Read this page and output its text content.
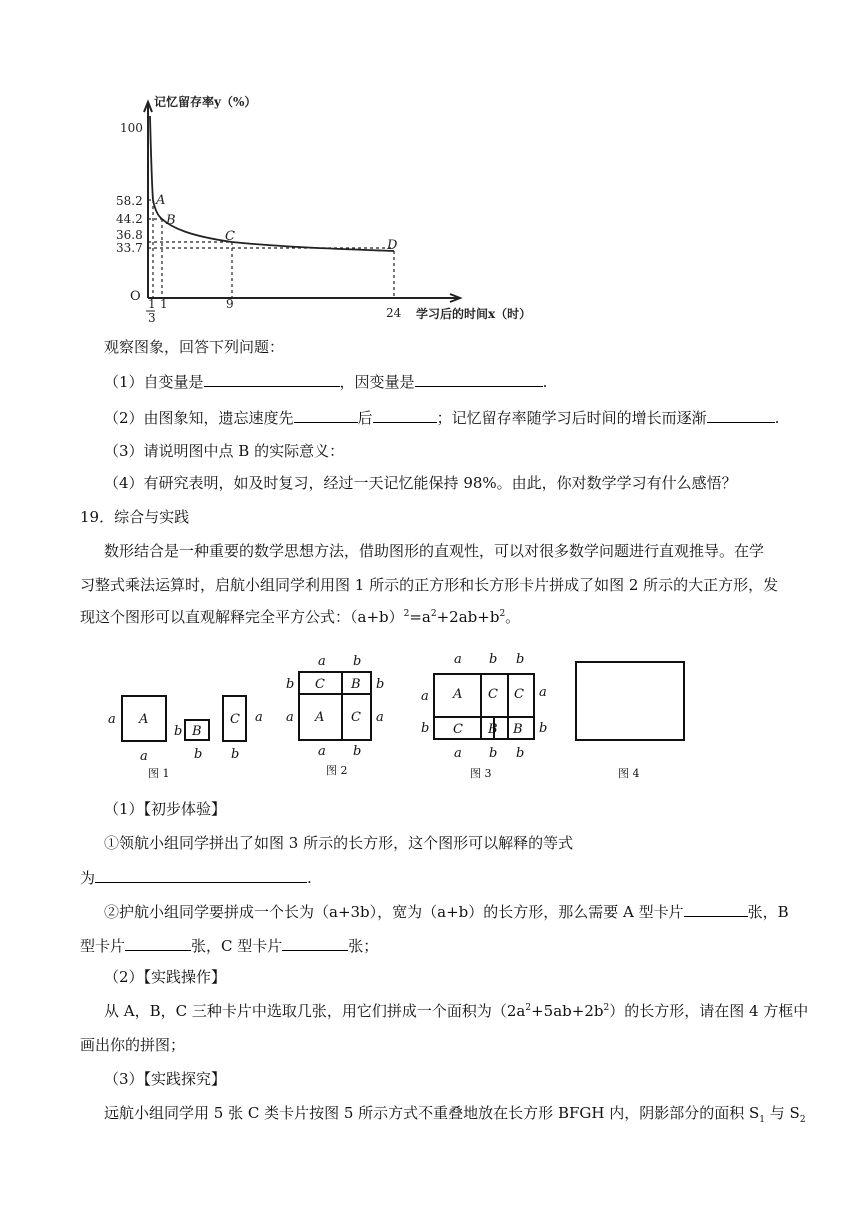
记忆留存率y（%）
学习后的时间x（时）
O
100
58.2
44.2
36.8
33.7
1
3
1	9
24
A
B
C
D
观察图象，回答下列问题：
（1）自变量是	，因变量是	.
（2）由图象知，遗忘速度先	后	；记忆留存率随学习后时间的增长而逐渐	.
（3）请说明图中点 B 的实际意义：
（4）有研究表明，如及时复习，经过一天记忆能保持 98%。由此，你对数学学习有什么感悟？
19．综合与实践
数形结合是一种重要的数学思想方法，借助图形的直观性，可以对很多数学问题进行直观推导。在学
习整式乘法运算时，启航小组同学利用图 1 所示的正方形和长方形卡片拼成了如图 2 所示的大正方形，发
现这个图形可以直观解释完全平方公式：$(a+b)^2=a^2+2ab+b^2$。
A
a
a
B
b
b
C a
b
a b
b
a
b
a
a b
C B
A C
a b b
a
b
a
b
A C C
C B B
a b b
图 1	图 2	图 3	图 4
（1）【初步体验】
①领航小组同学拼出了如图 3 所示的长方形，这个图形可以解释的等式
为	.
②护航小组同学要拼成一个长为（a+3b），宽为（a+b）的长方形，那么需要 A 型卡片	张，B
型卡片	张，C 型卡片	张；
（2）【实践操作】
从 A，B，C 三种卡片中选取几张，用它们拼成一个面积为$(2a^2+5ab+2b^2)$的长方形，请在图 4 方框中
画出你的拼图；
（3）【实践探究】
远航小组同学用 5 张 C 类卡片按图 5 所示方式不重叠地放在长方形 BFGH 内，阴影部分的面积 $S_1$ 与 $S_2$
